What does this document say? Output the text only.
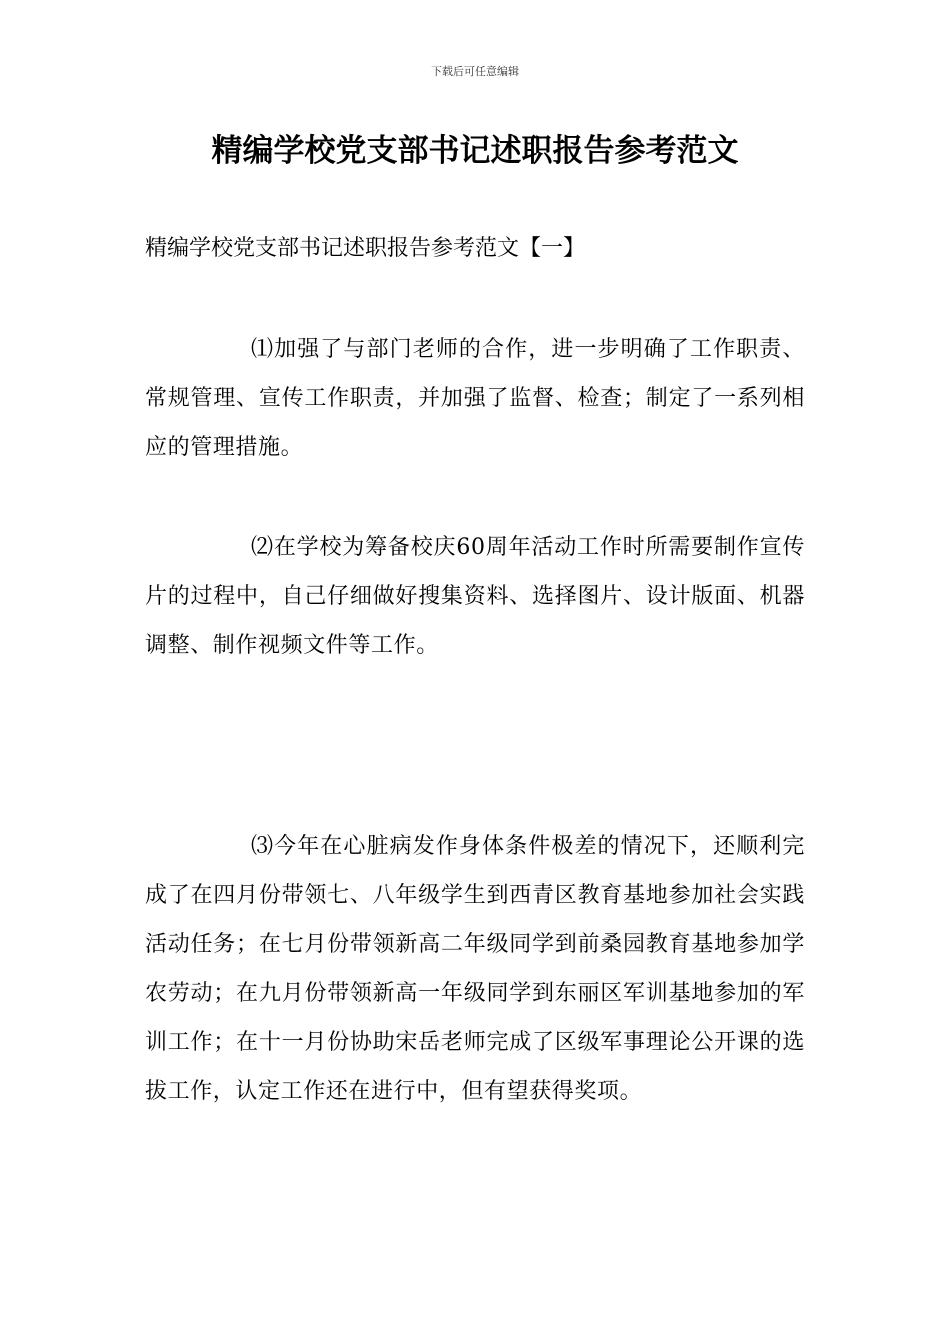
下载后可任意编辑
精编学校党支部书记述职报告参考范文

精编学校党支部书记述职报告参考范文【一】

⑴加强了与部门老师的合作，进一步明确了工作职责、常规管理、宣传工作职责，并加强了监督、检查；制定了一系列相应的管理措施。

⑵在学校为筹备校庆60周年活动工作时所需要制作宣传片的过程中，自己仔细做好搜集资料、选择图片、设计版面、机器调整、制作视频文件等工作。

⑶今年在心脏病发作身体条件极差的情况下，还顺利完成了在四月份带领七、八年级学生到西青区教育基地参加社会实践活动任务；在七月份带领新高二年级同学到前桑园教育基地参加学农劳动；在九月份带领新高一年级同学到东丽区军训基地参加的军训工作；在十一月份协助宋岳老师完成了区级军事理论公开课的选拔工作，认定工作还在进行中，但有望获得奖项。
